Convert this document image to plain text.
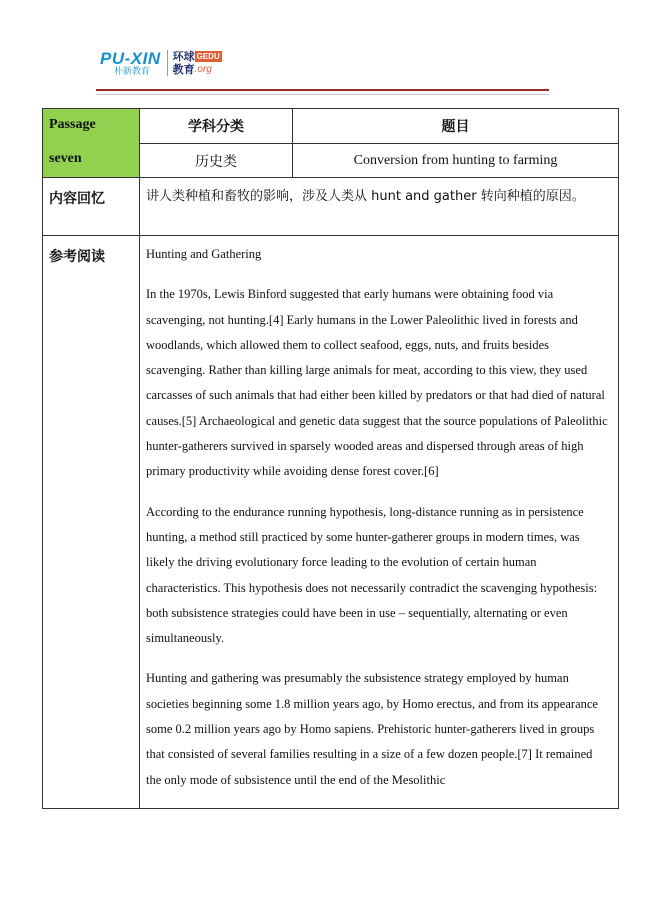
PU-XIN
朴新教育
环球 GEDU
教育 .org
Passage
seven	学科分类	题目
	历史类	Conversion from hunting to farming
内容回忆	讲人类种植和畜牧的影响，涉及人类从 hunt and gather 转向种植的原因。	
参考阅读	Hunting and Gathering

In the 1970s, Lewis Binford suggested that early humans were obtaining food via scavenging, not hunting.[4] Early humans in the Lower Paleolithic lived in forests and woodlands, which allowed them to collect seafood, eggs, nuts, and fruits besides scavenging. Rather than killing large animals for meat, according to this view, they used carcasses of such animals that had either been killed by predators or that had died of natural causes.[5] Archaeological and genetic data suggest that the source populations of Paleolithic hunter-gatherers survived in sparsely wooded areas and dispersed through areas of high primary productivity while avoiding dense forest cover.[6]

According to the endurance running hypothesis, long-distance running as in persistence hunting, a method still practiced by some hunter-gatherer groups in modern times, was likely the driving evolutionary force leading to the evolution of certain human characteristics. This hypothesis does not necessarily contradict the scavenging hypothesis: both subsistence strategies could have been in use – sequentially, alternating or even simultaneously.

Hunting and gathering was presumably the subsistence strategy employed by human societies beginning some 1.8 million years ago, by Homo erectus, and from its appearance some 0.2 million years ago by Homo sapiens. Prehistoric hunter-gatherers lived in groups that consisted of several families resulting in a size of a few dozen people.[7] It remained the only mode of subsistence until the end of the Mesolithic	
